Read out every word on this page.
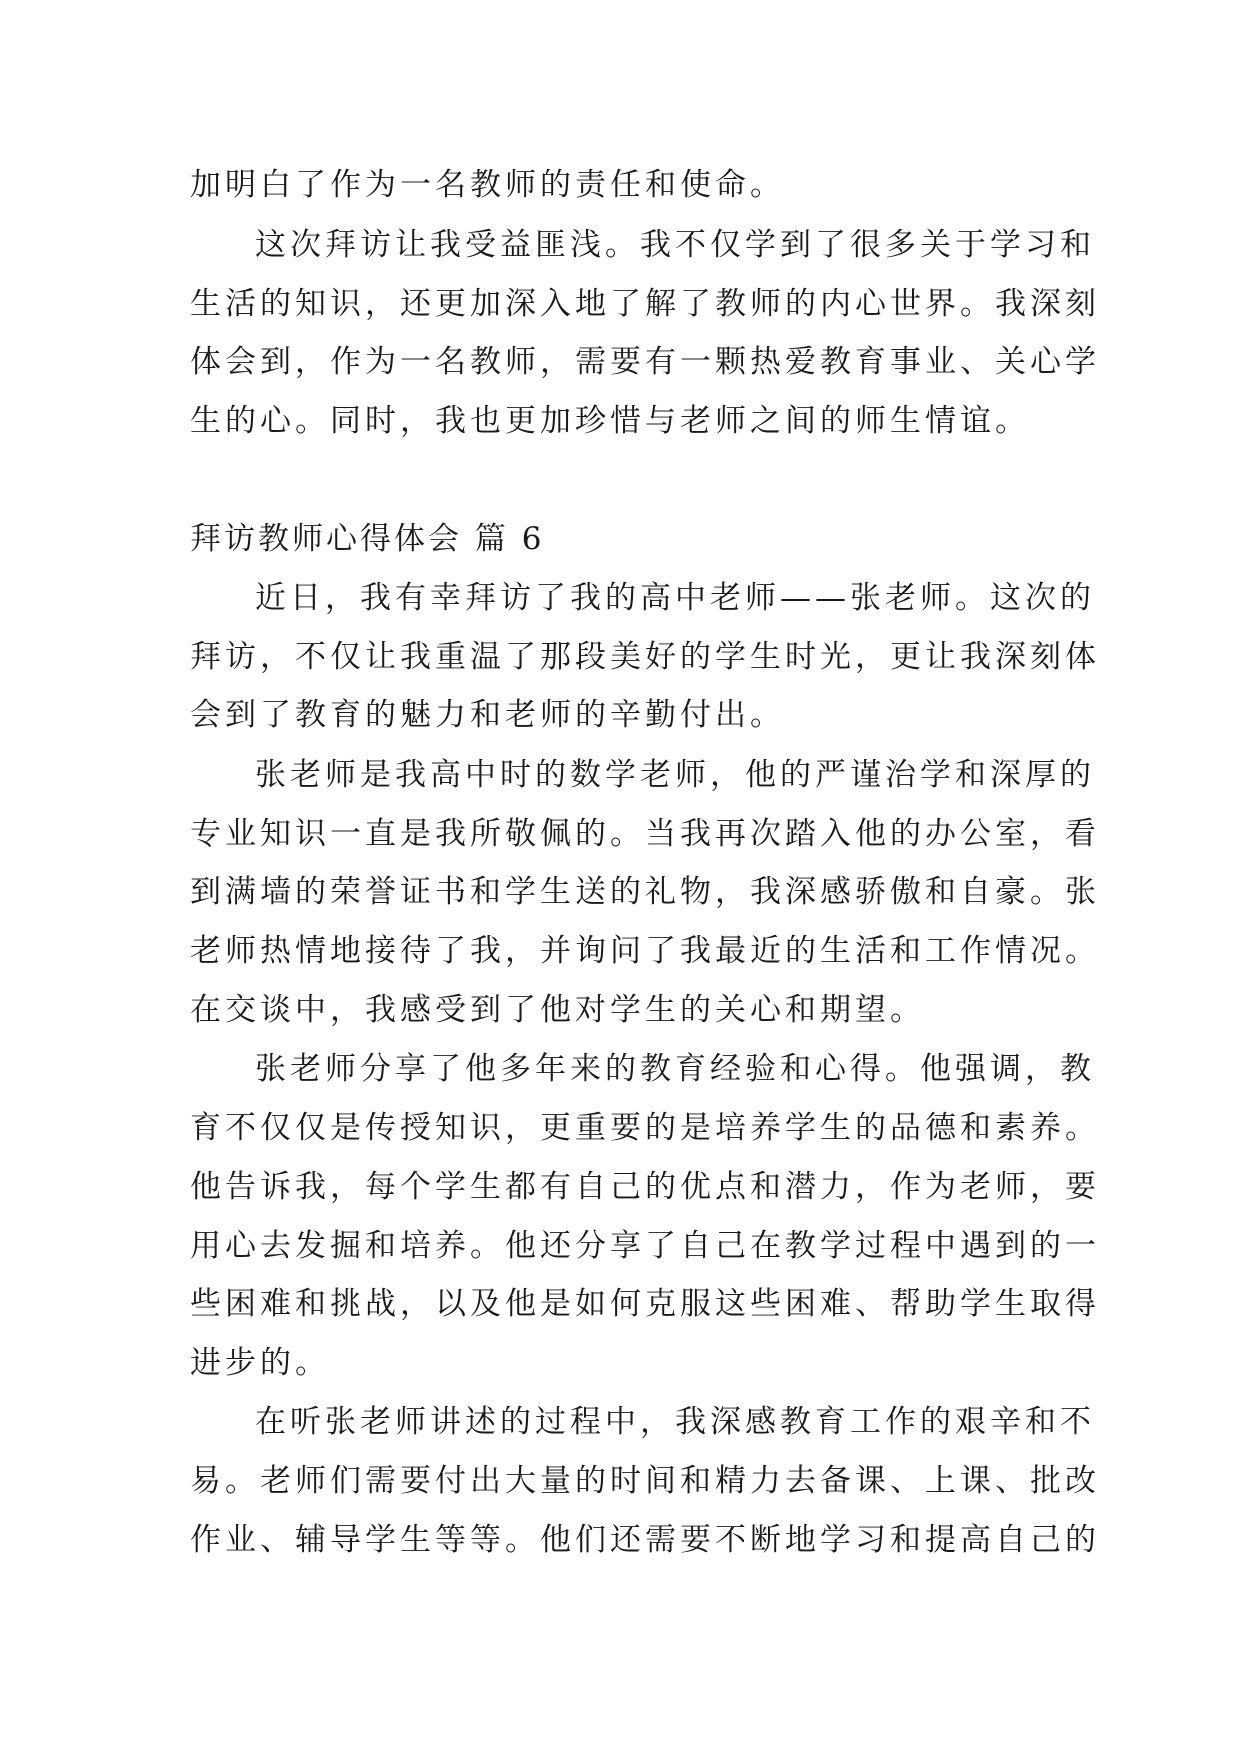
加明白了作为一名教师的责任和使命。
这次拜访让我受益匪浅。我不仅学到了很多关于学习和
生活的知识，还更加深入地了解了教师的内心世界。我深刻
体会到，作为一名教师，需要有一颗热爱教育事业、关心学
生的心。同时，我也更加珍惜与老师之间的师生情谊。
拜访教师心得体会 篇 6
近日，我有幸拜访了我的高中老师——张老师。这次的
拜访，不仅让我重温了那段美好的学生时光，更让我深刻体
会到了教育的魅力和老师的辛勤付出。
张老师是我高中时的数学老师，他的严谨治学和深厚的
专业知识一直是我所敬佩的。当我再次踏入他的办公室，看
到满墙的荣誉证书和学生送的礼物，我深感骄傲和自豪。张
老师热情地接待了我，并询问了我最近的生活和工作情况。
在交谈中，我感受到了他对学生的关心和期望。
张老师分享了他多年来的教育经验和心得。他强调，教
育不仅仅是传授知识，更重要的是培养学生的品德和素养。
他告诉我，每个学生都有自己的优点和潜力，作为老师，要
用心去发掘和培养。他还分享了自己在教学过程中遇到的一
些困难和挑战，以及他是如何克服这些困难、帮助学生取得
进步的。
在听张老师讲述的过程中，我深感教育工作的艰辛和不
易。老师们需要付出大量的时间和精力去备课、上课、批改
作业、辅导学生等等。他们还需要不断地学习和提高自己的
